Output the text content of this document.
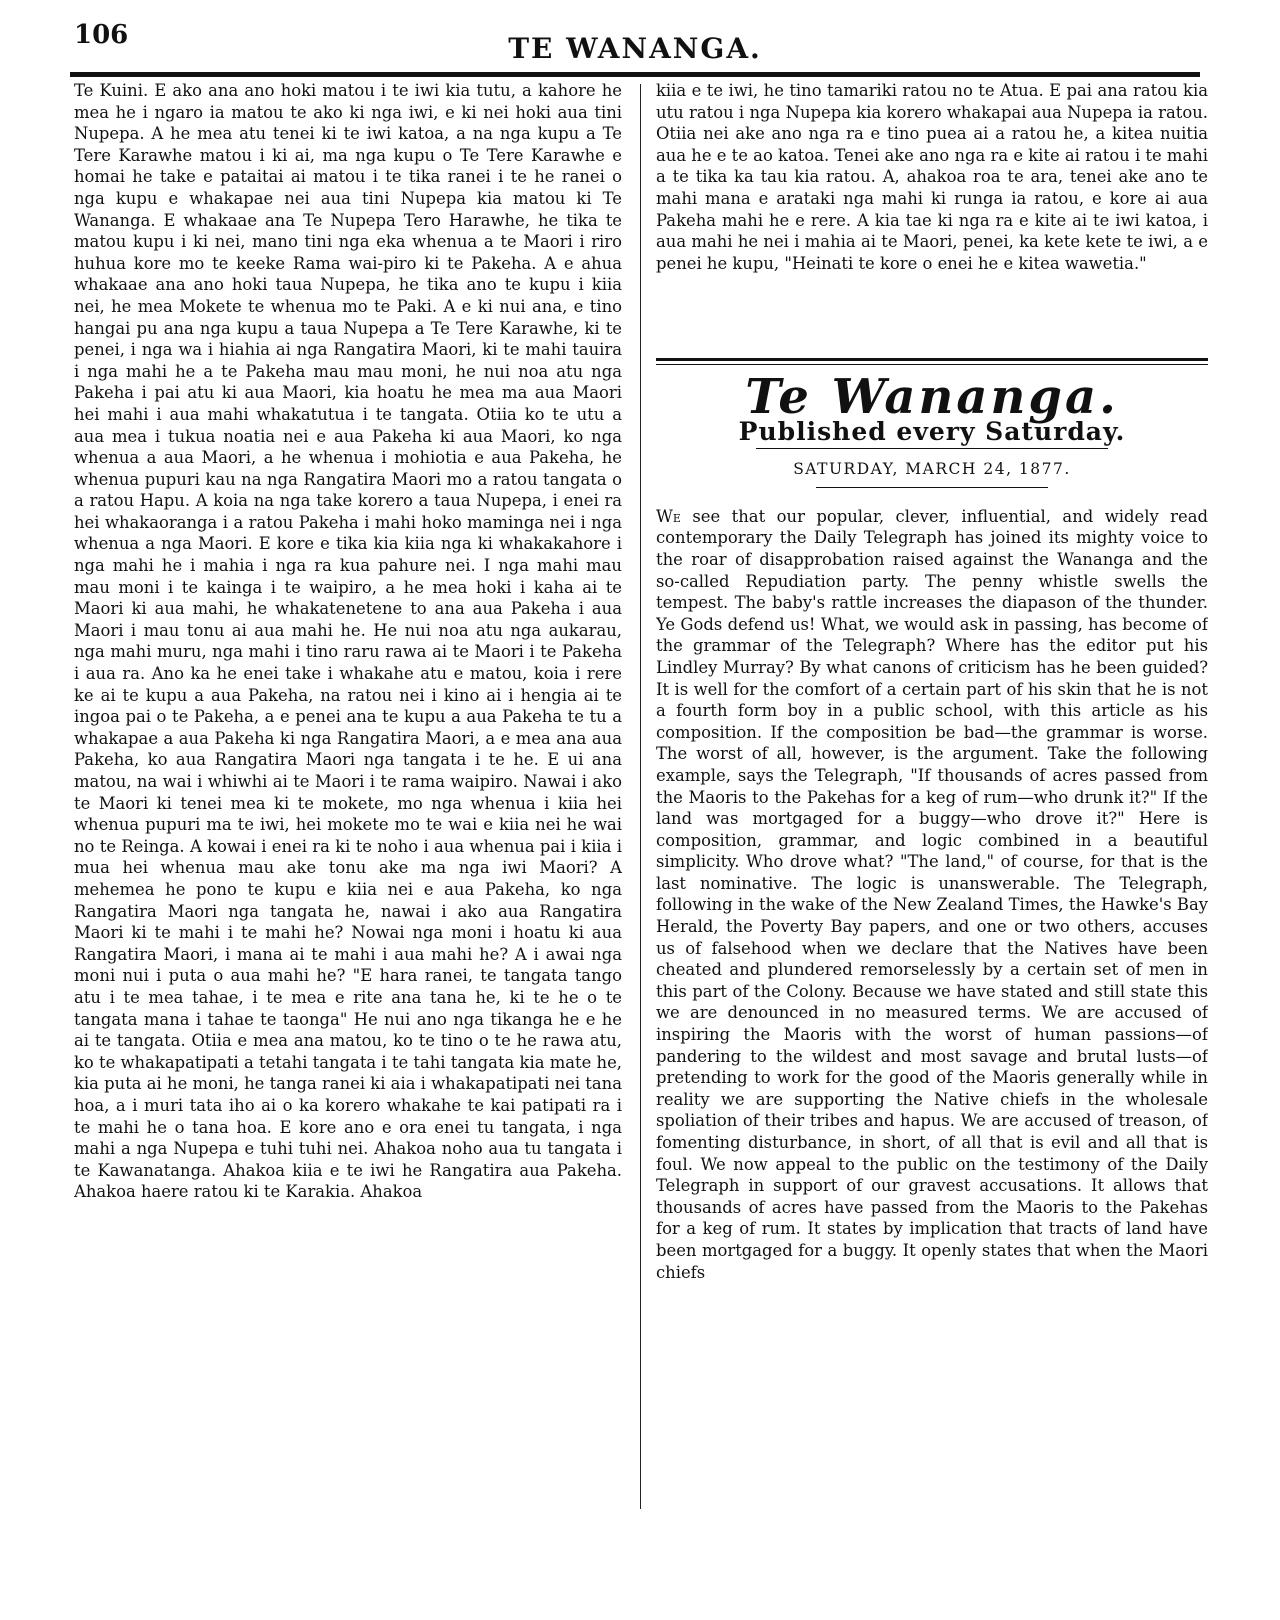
106	TE WANANGA.

Te Kuini. E ako ana ano hoki matou i te iwi kia tutu, a kahore he mea he i ngaro ia matou te ako ki nga iwi, e ki nei hoki aua tini Nupepa. A he mea atu tenei ki te iwi katoa, a na nga kupu a Te Tere Karawhe matou i ki ai, ma nga kupu o Te Tere Karawhe e homai he take e pataitai ai matou i te tika ranei i te he ranei o nga kupu e whakapae nei aua tini Nupepa kia matou ki Te Wananga. E whakaae ana Te Nupepa Tero Harawhe, he tika te matou kupu i ki nei, mano tini nga eka whenua a te Maori i riro huhua kore mo te keeke Rama wai-piro ki te Pakeha. A e ahua whakaae ana ano hoki taua Nupepa, he tika ano te kupu i kiia nei, he mea Mokete te whenua mo te Paki. A e ki nui ana, e tino hangai pu ana nga kupu a taua Nupepa a Te Tere Karawhe, ki te penei, i nga wa i hiahia ai nga Rangatira Maori, ki te mahi tauira i nga mahi he a te Pakeha mau mau moni, he nui noa atu nga Pakeha i pai atu ki aua Maori, kia hoatu he mea ma aua Maori hei mahi i aua mahi whakatutua i te tangata. Otiia ko te utu a aua mea i tukua noatia nei e aua Pakeha ki aua Maori, ko nga whenua a aua Maori, a he whenua i mohiotia e aua Pakeha, he whenua pupuri kau na nga Rangatira Maori mo a ratou tangata o a ratou Hapu. A koia na nga take korero a taua Nupepa, i enei ra hei whakaoranga i a ratou Pakeha i mahi hoko maminga nei i nga whenua a nga Maori. E kore e tika kia kiia nga ki whakakahore i nga mahi he i mahia i nga ra kua pahure nei. I nga mahi mau mau moni i te kainga i te waipiro, a he mea hoki i kaha ai te Maori ki aua mahi, he whakatenetene to ana aua Pakeha i aua Maori i mau tonu ai aua mahi he. He nui noa atu nga aukarau, nga mahi muru, nga mahi i tino raru rawa ai te Maori i te Pakeha i aua ra. Ano ka he enei take i whakahe atu e matou, koia i rere ke ai te kupu a aua Pakeha, na ratou nei i kino ai i hengia ai te ingoa pai o te Pakeha, a e penei ana te kupu a aua Pakeha te tu a whakapae a aua Pakeha ki nga Rangatira Maori, a e mea ana aua Pakeha, ko aua Rangatira Maori nga tangata i te he. E ui ana matou, na wai i whiwhi ai te Maori i te rama waipiro. Nawai i ako te Maori ki tenei mea ki te mokete, mo nga whenua i kiia hei whenua pupuri ma te iwi, hei mokete mo te wai e kiia nei he wai no te Reinga. A kowai i enei ra ki te noho i aua whenua pai i kiia i mua hei whenua mau ake tonu ake ma nga iwi Maori? A mehemea he pono te kupu e kiia nei e aua Pakeha, ko nga Rangatira Maori nga tangata he, nawai i ako aua Rangatira Maori ki te mahi i te mahi he? Nowai nga moni i hoatu ki aua Rangatira Maori, i mana ai te mahi i aua mahi he? A i awai nga moni nui i puta o aua mahi he? "E hara ranei, te tangata tango atu i te mea tahae, i te mea e rite ana tana he, ki te he o te tangata mana i tahae te taonga" He nui ano nga tikanga he e he ai te tangata. Otiia e mea ana matou, ko te tino o te he rawa atu, ko te whakapatipati a tetahi tangata i te tahi tangata kia mate he, kia puta ai he moni, he tanga ranei ki aia i whakapatipati nei tana hoa, a i muri tata iho ai o ka korero whakahe te kai patipati ra i te mahi he o tana hoa. E kore ano e ora enei tu tangata, i nga mahi a nga Nupepa e tuhi tuhi nei. Ahakoa noho aua tu tangata i te Kawanatanga. Ahakoa kiia e te iwi he Rangatira aua Pakeha. Ahakoa haere ratou ki te Karakia. Ahakoa

kiia e te iwi, he tino tamariki ratou no te Atua. E pai ana ratou kia utu ratou i nga Nupepa kia korero whakapai aua Nupepa ia ratou. Otiia nei ake ano nga ra e tino puea ai a ratou he, a kitea nuitia aua he e te ao katoa. Tenei ake ano nga ra e kite ai ratou i te mahi a te tika ka tau kia ratou. A, ahakoa roa te ara, tenei ake ano te mahi mana e arataki nga mahi ki runga ia ratou, e kore ai aua Pakeha mahi he e rere. A kia tae ki nga ra e kite ai te iwi katoa, i aua mahi he nei i mahia ai te Maori, penei, ka kete kete te iwi, a e penei he kupu, "Heinati te kore o enei he e kitea wawetia."

Te Wananga.
Published every Saturday.
SATURDAY, MARCH 24, 1877.

We see that our popular, clever, influential, and widely read contemporary the Daily Telegraph has joined its mighty voice to the roar of disapprobation raised against the Wananga and the so-called Repudiation party. The penny whistle swells the tempest. The baby's rattle increases the diapason of the thunder. Ye Gods defend us! What, we would ask in passing, has become of the grammar of the Telegraph? Where has the editor put his Lindley Murray? By what canons of criticism has he been guided? It is well for the comfort of a certain part of his skin that he is not a fourth form boy in a public school, with this article as his composition. If the composition be bad—the grammar is worse. The worst of all, however, is the argument. Take the following example, says the Telegraph, "If thousands of acres passed from the Maoris to the Pakehas for a keg of rum—who drunk it?" If the land was mortgaged for a buggy—who drove it?" Here is composition, grammar, and logic combined in a beautiful simplicity. Who drove what? "The land," of course, for that is the last nominative. The logic is unanswerable. The Telegraph, following in the wake of the New Zealand Times, the Hawke's Bay Herald, the Poverty Bay papers, and one or two others, accuses us of falsehood when we declare that the Natives have been cheated and plundered remorselessly by a certain set of men in this part of the Colony. Because we have stated and still state this we are denounced in no measured terms. We are accused of inspiring the Maoris with the worst of human passions—of pandering to the wildest and most savage and brutal lusts—of pretending to work for the good of the Maoris generally while in reality we are supporting the Native chiefs in the wholesale spoliation of their tribes and hapus. We are accused of treason, of fomenting disturbance, in short, of all that is evil and all that is foul. We now appeal to the public on the testimony of the Daily Telegraph in support of our gravest accusations. It allows that thousands of acres have passed from the Maoris to the Pakehas for a keg of rum. It states by implication that tracts of land have been mortgaged for a buggy. It openly states that when the Maori chiefs
